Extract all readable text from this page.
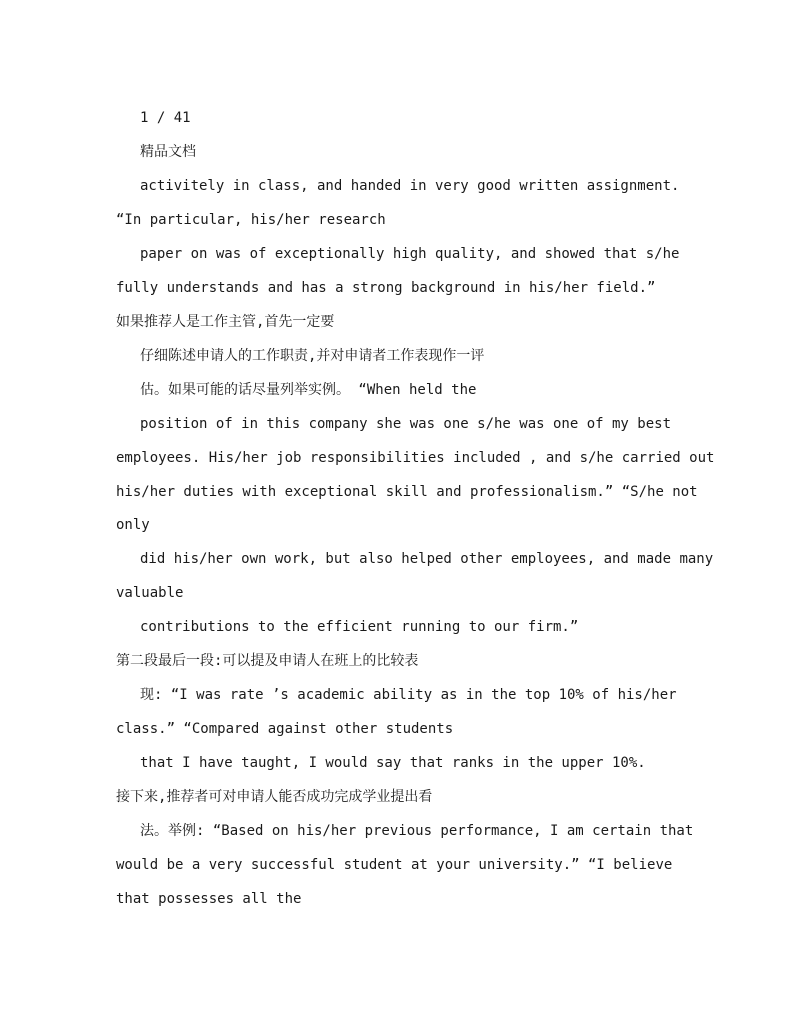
1 / 41
精品文档
activitely in class, and handed in very good written assignment.
“In particular, his/her research
paper on was of exceptionally high quality, and showed that s/he
fully understands and has a strong background in his/her field.”
如果推荐人是工作主管,首先一定要
仔细陈述申请人的工作职责,并对申请者工作表现作一评
估。如果可能的话尽量列举实例。 “When held the
position of in this company she was one s/he was one of my best
employees. His/her job responsibilities included , and s/he carried out
his/her duties with exceptional skill and professionalism.” “S/he not
only
did his/her own work, but also helped other employees, and made many
valuable
contributions to the efficient running to our firm.”
第二段最后一段:可以提及申请人在班上的比较表
现: “I was rate ’s academic ability as in the top 10% of his/her
class.” “Compared against other students
that I have taught, I would say that ranks in the upper 10%.
接下来,推荐者可对申请人能否成功完成学业提出看
法。举例: “Based on his/her previous performance, I am certain that
would be a very successful student at your university.” “I believe
that possesses all the
